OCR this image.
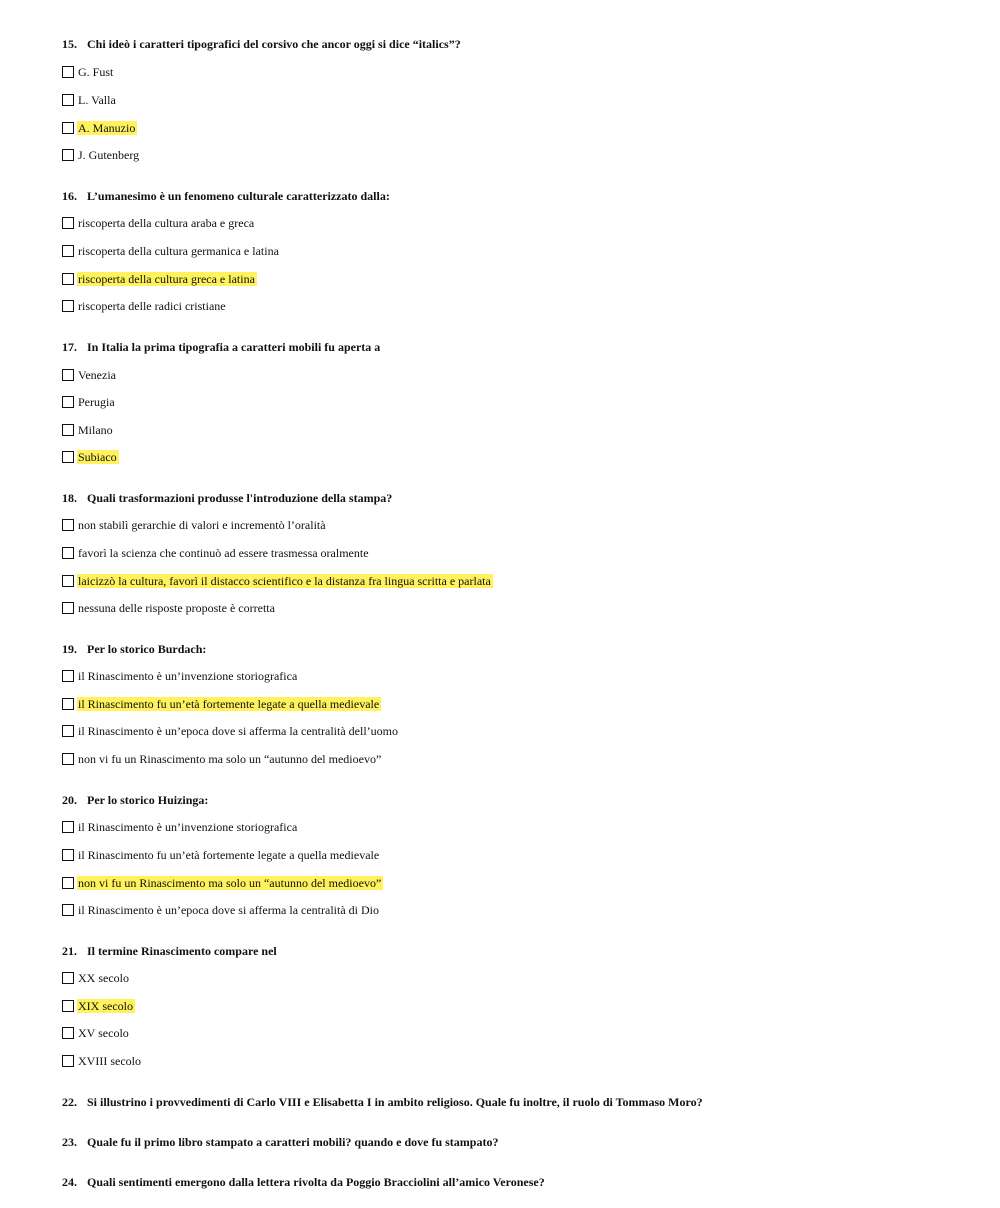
15. Chi ideò i caratteri tipografici del corsivo che ancor oggi si dice “italics”?
G. Fust
L. Valla
A. Manuzio
J. Gutenberg
16. L’umanesimo è un fenomeno culturale caratterizzato dalla:
riscoperta della cultura araba e greca
riscoperta della cultura germanica e latina
riscoperta della cultura greca e latina
riscoperta delle radici cristiane
17. In Italia la prima tipografia a caratteri mobili fu aperta a
Venezia
Perugia
Milano
Subiaco
18. Quali trasformazioni produsse l'introduzione della stampa?
non stabilì gerarchie di valori e incrementò l’oralità
favorì la scienza che continuò ad essere trasmessa oralmente
laicizzò la cultura, favorì il distacco scientifico e la distanza fra lingua scritta e parlata
nessuna delle risposte proposte è corretta
19. Per lo storico Burdach:
il Rinascimento è un’invenzione storiografica
il Rinascimento fu un’età fortemente legate a quella medievale
il Rinascimento è un’epoca dove si afferma la centralità dell’uomo
non vi fu un Rinascimento ma solo un “autunno del medioevo”
20. Per lo storico Huizinga:
il Rinascimento è un’invenzione storiografica
il Rinascimento fu un’età fortemente legate a quella medievale
non vi fu un Rinascimento ma solo un “autunno del medioevo”
il Rinascimento è un’epoca dove si afferma la centralità di Dio
21. Il termine Rinascimento compare nel
XX secolo
XIX secolo
XV secolo
XVIII secolo
22. Si illustrino i provvedimenti di Carlo VIII e Elisabetta I in ambito religioso. Quale fu inoltre, il ruolo di Tommaso Moro?
23. Quale fu il primo libro stampato a caratteri mobili? quando e dove fu stampato?
24. Quali sentimenti emergono dalla lettera rivolta da Poggio Bracciolini all’amico Veronese?
